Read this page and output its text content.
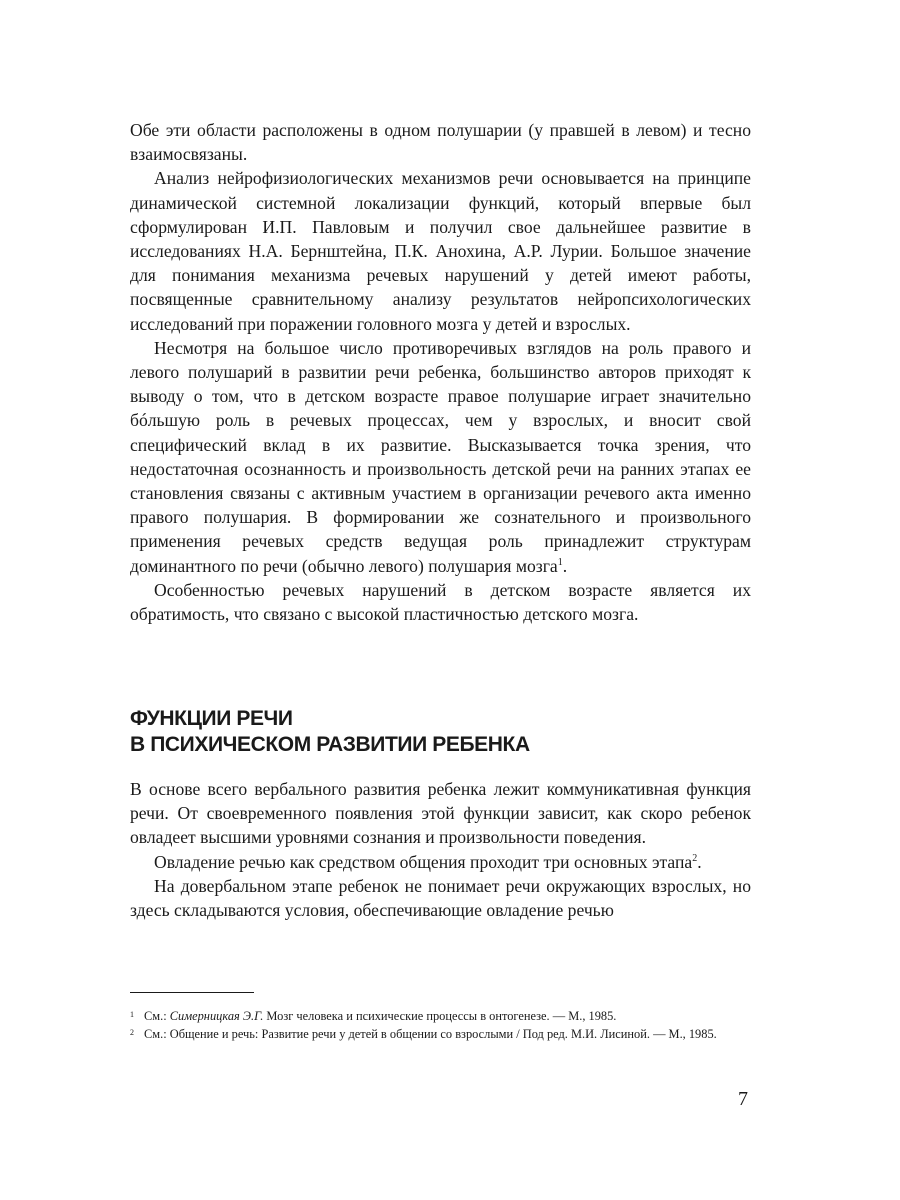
Обе эти области расположены в одном полушарии (у правшей в левом) и тесно взаимосвязаны.

Анализ нейрофизиологических механизмов речи основывается на принципе динамической системной локализации функций, который впервые был сформулирован И.П. Павловым и получил свое дальнейшее развитие в исследованиях Н.А. Бернштейна, П.К. Анохина, А.Р. Лурии. Большое значение для понимания механизма речевых нарушений у детей имеют работы, посвященные сравнительному анализу результатов нейропсихологических исследований при поражении головного мозга у детей и взрослых.

Несмотря на большое число противоречивых взглядов на роль правого и левого полушарий в развитии речи ребенка, большинство авторов приходят к выводу о том, что в детском возрасте правое полушарие играет значительно бóльшую роль в речевых процессах, чем у взрослых, и вносит свой специфический вклад в их развитие. Высказывается точка зрения, что недостаточная осознанность и произвольность детской речи на ранних этапах ее становления связаны с активным участием в организации речевого акта именно правого полушария. В формировании же сознательного и произвольного применения речевых средств ведущая роль принадлежит структурам доминантного по речи (обычно левого) полушария мозга$^1$.

Особенностью речевых нарушений в детском возрасте является их обратимость, что связано с высокой пластичностью детского мозга.

ФУНКЦИИ РЕЧИ
В ПСИХИЧЕСКОМ РАЗВИТИИ РЕБЕНКА

В основе всего вербального развития ребенка лежит коммуникативная функция речи. От своевременного появления этой функции зависит, как скоро ребенок овладеет высшими уровнями сознания и произвольности поведения.

Овладение речью как средством общения проходит три основных этапа$^2$.

На довербальном этапе ребенок не понимает речи окружающих взрослых, но здесь складываются условия, обеспечивающие овладение речью

1 См.: Симерницкая Э.Г. Мозг человека и психические процессы в онтогенезе. — М., 1985.

2 См.: Общение и речь: Развитие речи у детей в общении со взрослыми / Под ред. М.И. Лисиной. — М., 1985.

7
